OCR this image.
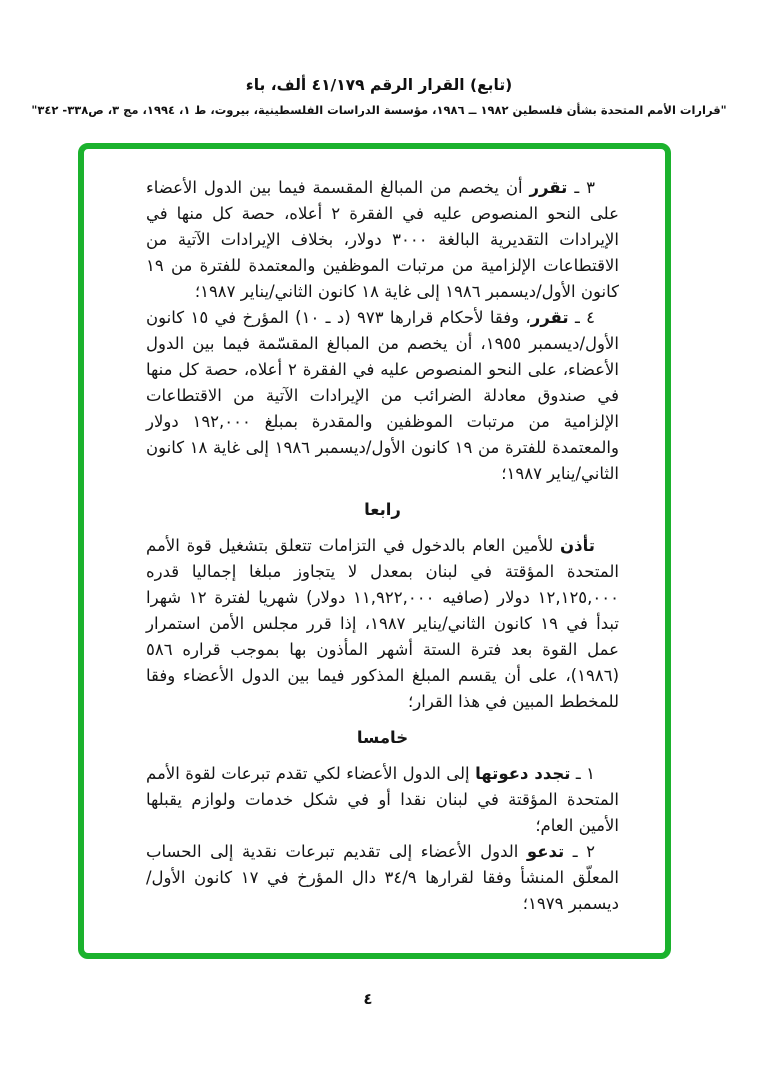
(تابع) القرار الرقم ٤١/١٧٩ ألف، باء
"قرارات الأمم المتحدة بشأن فلسطين ١٩٨٢ ــ ١٩٨٦، مؤسسة الدراسات الفلسطينية، بيروت، ط ١، ١٩٩٤، مج ٣، ص٣٣٨- ٣٤٢"

٣ ـ تقرر أن يخصم من المبالغ المقسمة فيما بين الدول الأعضاء على النحو المنصوص عليه في الفقرة ٢ أعلاه، حصة كل منها في الإيرادات التقديرية البالغة ٣٠٠٠ دولار، بخلاف الإيرادات الآتية من الاقتطاعات الإلزامية من مرتبات الموظفين والمعتمدة للفترة من ١٩ كانون الأول/ديسمبر ١٩٨٦ إلى غاية ١٨ كانون الثاني/يناير ١٩٨٧؛

٤ ـ تقرر، وفقا لأحكام قرارها ٩٧٣ (د ـ ١٠) المؤرخ في ١٥ كانون الأول/ديسمبر ١٩٥٥، أن يخصم من المبالغ المقسّمة فيما بين الدول الأعضاء، على النحو المنصوص عليه في الفقرة ٢ أعلاه، حصة كل منها في صندوق معادلة الضرائب من الإيرادات الآتية من الاقتطاعات الإلزامية من مرتبات الموظفين والمقدرة بمبلغ ١٩٢,٠٠٠ دولار والمعتمدة للفترة من ١٩ كانون الأول/ديسمبر ١٩٨٦ إلى غاية ١٨ كانون الثاني/يناير ١٩٨٧؛

رابعا

تأذن للأمين العام بالدخول في التزامات تتعلق بتشغيل قوة الأمم المتحدة المؤقتة في لبنان بمعدل لا يتجاوز مبلغا إجماليا قدره ١٢,١٢٥,٠٠٠ دولار (صافيه ١١,٩٢٢,٠٠٠ دولار) شهريا لفترة ١٢ شهرا تبدأ في ١٩ كانون الثاني/يناير ١٩٨٧، إذا قرر مجلس الأمن استمرار عمل القوة بعد فترة الستة أشهر المأذون بها بموجب قراره ٥٨٦ (١٩٨٦)، على أن يقسم المبلغ المذكور فيما بين الدول الأعضاء وفقا للمخطط المبين في هذا القرار؛

خامسا

١ ـ تجدد دعوتها إلى الدول الأعضاء لكي تقدم تبرعات لقوة الأمم المتحدة المؤقتة في لبنان نقدا أو في شكل خدمات ولوازم يقبلها الأمين العام؛

٢ ـ تدعو الدول الأعضاء إلى تقديم تبرعات نقدية إلى الحساب المعلّق المنشأ وفقا لقرارها ٣٤/٩ دال المؤرخ في ١٧ كانون الأول/ديسمبر ١٩٧٩؛

٤
